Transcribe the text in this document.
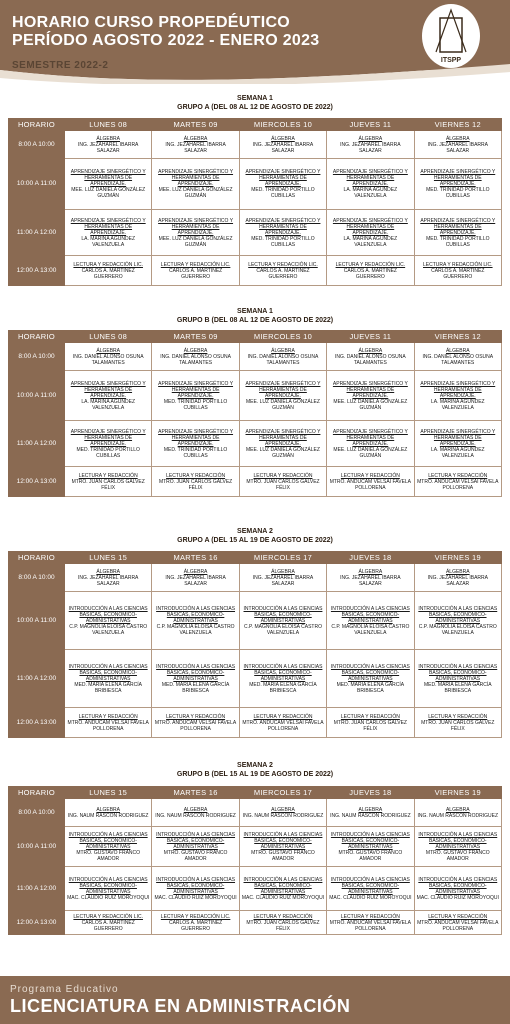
HORARIO CURSO PROPEDÉUTICO
PERÍODO AGOSTO 2022 - ENERO 2023
SEMESTRE 2022-2	ITSPP
SEMANA 1
GRUPO A (DEL 08 AL 12 DE AGOSTO DE 2022)
HORARIO	LUNES 08	MARTES 09	MIERCOLES 10	JUEVES 11	VIERNES 12
8:00 A 10:00	ÁLGEBRA
ING. JEZAHAREL IBARRA SALAZAR	ÁLGEBRA
ING. JEZAHAREL IBARRA SALAZAR	ÁLGEBRA
ING. JEZAHAREL IBARRA SALAZAR	ÁLGEBRA
ING. JEZAHAREL IBARRA SALAZAR	ÁLGEBRA
ING. JEZAHAREL IBARRA SALAZAR

10:00 A 11:00	APRENDIZAJE SINERGÉTICO Y HERRAMIENTAS DE APRENDIZAJE.
MEE. LUZ DANIELA GONZÁLEZ GUZMÁN	APRENDIZAJE SINERGÉTICO Y HERRAMIENTAS DE APRENDIZAJE.
MEE. LUZ DANIELA GONZÁLEZ GUZMÁN	APRENDIZAJE SINERGÉTICO Y HERRAMIENTAS DE APRENDIZAJE.
MED. TRINIDAD PORTILLO CUBILLAS	APRENDIZAJE SINERGÉTICO Y HERRAMIENTAS DE APRENDIZAJE.
LA. MARINA AGÚNDEZ VALENZUELA	APRENDIZAJE SINERGÉTICO Y HERRAMIENTAS DE APRENDIZAJE.
MED. TRINIDAD PORTILLO CUBILLAS

11:00 A 12:00	APRENDIZAJE SINERGÉTICO Y HERRAMIENTAS DE APRENDIZAJE.
LA. MARINA AGÚNDEZ VALENZUELA	APRENDIZAJE SINERGÉTICO Y HERRAMIENTAS DE APRENDIZAJE.
MEE. LUZ DANIELA GONZÁLEZ GUZMÁN	APRENDIZAJE SINERGÉTICO Y HERRAMIENTAS DE APRENDIZAJE.
MED. TRINIDAD PORTILLO CUBILLAS	APRENDIZAJE SINERGÉTICO Y HERRAMIENTAS DE APRENDIZAJE.
LA. MARINA AGÚNDEZ VALENZUELA	APRENDIZAJE SINERGÉTICO Y HERRAMIENTAS DE APRENDIZAJE.
MED. TRINIDAD PORTILLO CUBILLAS

12:00 A 13:00	LECTURA Y REDACCIÓN LIC.
CARLOS A. MARTÍNEZ GUERRERO	LECTURA Y REDACCIÓN LIC.
CARLOS A. MARTÍNEZ GUERRERO	LECTURA Y REDACCIÓN LIC.
CARLOS A. MARTÍNEZ GUERRERO	LECTURA Y REDACCIÓN LIC.
CARLOS A. MARTÍNEZ GUERRERO	LECTURA Y REDACCIÓN LIC.
CARLOS A. MARTÍNEZ GUERRERO
SEMANA 1
GRUPO B (DEL 08 AL 12 DE AGOSTO DE 2022)
HORARIO	LUNES 08	MARTES 09	MIERCOLES 10	JUEVES 11	VIERNES 12
8:00 A 10:00	ÁLGEBRA
ING. DANIEL ALONSO OSUNA TALAMANTES	ÁLGEBRA
ING. DANIEL ALONSO OSUNA TALAMANTES	ÁLGEBRA
ING. DANIEL ALONSO OSUNA TALAMANTES	ÁLGEBRA
ING. DANIEL ALONSO OSUNA TALAMANTES	ÁLGEBRA
ING. DANIEL ALONSO OSUNA TALAMANTES

10:00 A 11:00	APRENDIZAJE SINERGÉTICO Y HERRAMIENTAS DE APRENDIZAJE.
LA. MARINA AGÚNDEZ VALENZUELA	APRENDIZAJE SINERGÉTICO Y HERRAMIENTAS DE APRENDIZAJE.
MED. TRINIDAD PORTILLO CUBILLAS	APRENDIZAJE SINERGÉTICO Y HERRAMIENTAS DE APRENDIZAJE.
MEE. LUZ DANIELA GONZÁLEZ GUZMÁN	APRENDIZAJE SINERGÉTICO Y HERRAMIENTAS DE APRENDIZAJE.
MEE. LUZ DANIELA GONZÁLEZ GUZMÁN	APRENDIZAJE SINERGÉTICO Y HERRAMIENTAS DE APRENDIZAJE.
LA. MARINA AGÚNDEZ VALENZUELA

11:00 A 12:00	APRENDIZAJE SINERGÉTICO Y HERRAMIENTAS DE APRENDIZAJE.
MED. TRINIDAD PORTILLO CUBILLAS	APRENDIZAJE SINERGÉTICO Y HERRAMIENTAS DE APRENDIZAJE.
MED. TRINIDAD PORTILLO CUBILLAS	APRENDIZAJE SINERGÉTICO Y HERRAMIENTAS DE APRENDIZAJE.
MEE. LUZ DANIELA GONZÁLEZ GUZMÁN	APRENDIZAJE SINERGÉTICO Y HERRAMIENTAS DE APRENDIZAJE.
MEE. LUZ DANIELA GONZÁLEZ GUZMÁN	APRENDIZAJE SINERGÉTICO Y HERRAMIENTAS DE APRENDIZAJE.
LA. MARINA AGÚNDEZ VALENZUELA

12:00 A 13:00	LECTURA Y REDACCIÓN
MTRO. JUAN CARLOS GÁLVEZ FÉLIX	LECTURA Y REDACCIÓN
MTRO. JUAN CARLOS GÁLVEZ FÉLIX	LECTURA Y REDACCIÓN
MTRO. JUAN CARLOS GÁLVEZ FÉLIX	LECTURA Y REDACCIÓN
MTRO. ANDUCAM VELSAI FAVELA POLLORENA	LECTURA Y REDACCIÓN
MTRO. ANDUCAM VELSAI FAVELA POLLORENA
SEMANA 2
GRUPO A (DEL 15 AL 19 DE AGOSTO DE 2022)
HORARIO	LUNES 15	MARTES 16	MIERCOLES 17	JUEVES 18	VIERNES 19
8:00 A 10:00	ÁLGEBRA
ING. JEZAHAREL IBARRA SALAZAR	ÁLGEBRA
ING. JEZAHAREL IBARRA SALAZAR	ÁLGEBRA
ING. JEZAHAREL IBARRA SALAZAR	ÁLGEBRA
ING. JEZAHAREL IBARRA SALAZAR	ÁLGEBRA
ING. JEZAHAREL IBARRA SALAZAR

10:00 A 11:00	INTRODUCCIÓN A LAS CIENCIAS BÁSICAS, ECONOMICO-ADMINISTRATIVAS
C.P. MAGNOLIA ELOISA CASTRO VALENZUELA	INTRODUCCIÓN A LAS CIENCIAS BÁSICAS, ECONOMICO-ADMINISTRATIVAS
C.P. MAGNOLIA ELOISA CASTRO VALENZUELA	INTRODUCCIÓN A LAS CIENCIAS BÁSICAS, ECONOMICO-ADMINISTRATIVAS
C.P. MAGNOLIA ELOISA CASTRO VALENZUELA	INTRODUCCIÓN A LAS CIENCIAS BÁSICAS, ECONOMICO-ADMINISTRATIVAS
C.P. MAGNOLIA ELOISA CASTRO VALENZUELA	INTRODUCCIÓN A LAS CIENCIAS BÁSICAS, ECONOMICO-ADMINISTRATIVAS
C.P. MAGNOLIA ELOISA CASTRO VALENZUELA

11:00 A 12:00	INTRODUCCIÓN A LAS CIENCIAS BÁSICAS, ECONOMICO-ADMINISTRATIVAS
MED. MARÍA ELENA GARCÍA BRIBIESCA	INTRODUCCIÓN A LAS CIENCIAS BÁSICAS, ECONOMICO-ADMINISTRATIVAS
MED. MARÍA ELENA GARCÍA BRIBIESCA	INTRODUCCIÓN A LAS CIENCIAS BÁSICAS, ECONOMICO-ADMINISTRATIVAS
MED. MARÍA ELENA GARCÍA BRIBIESCA	INTRODUCCIÓN A LAS CIENCIAS BÁSICAS, ECONOMICO-ADMINISTRATIVAS
MED. MARÍA ELENA GARCÍA BRIBIESCA	INTRODUCCIÓN A LAS CIENCIAS BÁSICAS, ECONOMICO-ADMINISTRATIVAS
MED. MARÍA ELENA GARCÍA BRIBIESCA

12:00 A 13:00	LECTURA Y REDACCIÓN
MTRO. ANDUCAM VELSAI FAVELA POLLORENA	LECTURA Y REDACCIÓN
MTRO. ANDUCAM VELSAI FAVELA POLLORENA	LECTURA Y REDACCIÓN
MTRO. ANDUCAM VELSAI FAVELA POLLORENA	LECTURA Y REDACCIÓN
MTRO. JUAN CARLOS GÁLVEZ FÉLIX	LECTURA Y REDACCIÓN
MTRO. JUAN CARLOS GÁLVEZ FÉLIX
SEMANA 2
GRUPO B (DEL 15 AL 19 DE AGOSTO DE 2022)
HORARIO	LUNES 15	MARTES 16	MIERCOLES 17	JUEVES 18	VIERNES 19
8:00 A 10:00	ALGEBRA
ING. NAUM RASCON RODRIGUEZ	ALGEBRA
ING. NAUM RASCON RODRIGUEZ	ALGEBRA
ING. NAUM RASCON RODRIGUEZ	ALGEBRA
ING. NAUM RASCON RODRIGUEZ	ALGEBRA
ING. NAUM RASCON RODRIGUEZ

10:00 A 11:00	INTRODUCCIÓN A LAS CIENCIAS BÁSICAS, ECONOMICO-ADMINISTRATIVAS
MTRO. GUSTAVO FRANCO AMADOR	INTRODUCCIÓN A LAS CIENCIAS BÁSICAS, ECONOMICO-ADMINISTRATIVAS
MTRO. GUSTAVO FRANCO AMADOR	INTRODUCCIÓN A LAS CIENCIAS BÁSICAS, ECONOMICO-ADMINISTRATIVAS
MTRO. GUSTAVO FRANCO AMADOR	INTRODUCCIÓN A LAS CIENCIAS BÁSICAS, ECONOMICO-ADMINISTRATIVAS
MTRO. GUSTAVO FRANCO AMADOR	INTRODUCCIÓN A LAS CIENCIAS BÁSICAS, ECONOMICO-ADMINISTRATIVAS
MTRO. GUSTAVO FRANCO AMADOR

11:00 A 12:00	INTRODUCCIÓN A LAS CIENCIAS BÁSICAS, ECONOMICO-ADMINISTRATIVAS
MAC. CLAUDIO RUIZ MOROYOQUI	INTRODUCCIÓN A LAS CIENCIAS BÁSICAS, ECONOMICO-ADMINISTRATIVAS
MAC. CLAUDIO RUIZ MOROYOQUI	INTRODUCCIÓN A LAS CIENCIAS BÁSICAS, ECONOMICO-ADMINISTRATIVAS
MAC. CLAUDIO RUIZ MOROYOQUI	INTRODUCCIÓN A LAS CIENCIAS BÁSICAS, ECONOMICO-ADMINISTRATIVAS
MAC. CLAUDIO RUIZ MOROYOQUI	INTRODUCCIÓN A LAS CIENCIAS BÁSICAS, ECONOMICO-ADMINISTRATIVAS
MAC. CLAUDIO RUIZ MOROYOQUI

12:00 A 13:00	LECTURA Y REDACCIÓN LIC.
CARLOS A. MARTÍNEZ GUERRERO	LECTURA Y REDACCIÓN LIC.
CARLOS A. MARTÍNEZ GUERRERO	LECTURA Y REDACCIÓN
MTRO. JUAN CARLOS GÁLVEZ FÉLIX	LECTURA Y REDACCIÓN
MTRO. ANDUCAM VELSAI FAVELA POLLORENA	LECTURA Y REDACCIÓN
MTRO. ANDUCAM VELSAI FAVELA POLLORENA
Programa Educativo
LICENCIATURA EN ADMINISTRACIÓN
